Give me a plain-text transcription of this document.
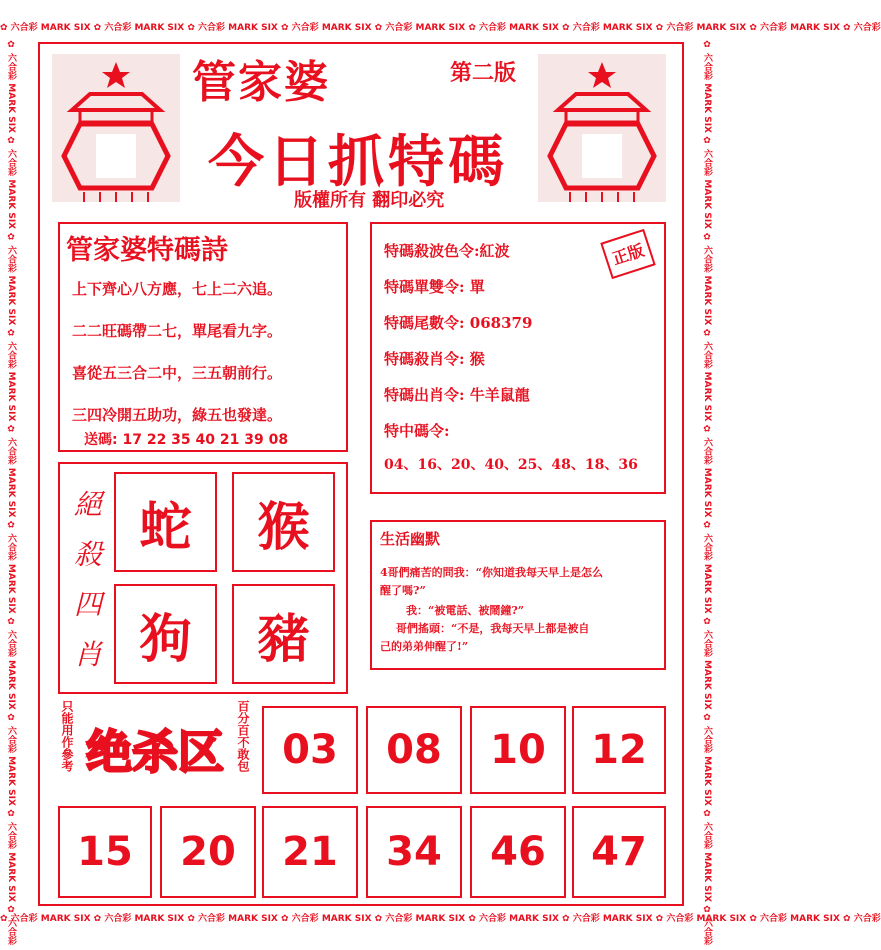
✿ 六合彩 MARK SIX ✿ 六合彩 MARK SIX ✿ 六合彩 MARK SIX ✿ 六合彩 MARK SIX ✿ 六合彩 MARK SIX ✿ 六合彩 MARK SIX ✿ 六合彩 MARK SIX ✿ 六合彩 MARK SIX ✿ 六合彩 MARK SIX ✿ 六合彩
✿ 六合彩 MARK SIX ✿ 六合彩 MARK SIX ✿ 六合彩 MARK SIX ✿ 六合彩 MARK SIX ✿ 六合彩 MARK SIX ✿ 六合彩 MARK SIX ✿ 六合彩 MARK SIX ✿ 六合彩 MARK SIX ✿ 六合彩 MARK SIX ✿ 六合彩
✿ 六合彩 MARK SIX ✿ 六合彩 MARK SIX ✿ 六合彩 MARK SIX ✿ 六合彩 MARK SIX ✿ 六合彩 MARK SIX ✿ 六合彩 MARK SIX ✿ 六合彩 MARK SIX ✿ 六合彩 MARK SIX ✿ 六合彩 MARK SIX ✿ 六合彩	✿ 六合彩 MARK SIX ✿ 六合彩 MARK SIX ✿ 六合彩 MARK SIX ✿ 六合彩 MARK SIX ✿ 六合彩 MARK SIX ✿ 六合彩 MARK SIX ✿ 六合彩 MARK SIX ✿ 六合彩 MARK SIX ✿ 六合彩 MARK SIX ✿ 六合彩
管家婆	第二版
今日抓特碼
版權所有 翻印必究
管家婆特碼詩
上下齊心八方應，七上二六追。
二二旺碼帶二七，單尾看九字。
喜從五三合二中，三五朝前行。
三四冷開五助功，綠五也發達。
送碼: 17 22 35 40 21 39 08
正版
特碼殺波色令:紅波
特碼單雙令: 單
特碼尾數令: 068379
特碼殺肖令: 猴
特碼出肖令: 牛羊鼠龍
特中碼令:
04、16、20、40、25、48、18、36
絕殺四肖
蛇	猴
狗	豬
生活幽默
4哥們痛苦的問我：“你知道我每天早上是怎么
醒了嗎?”
我：“被電話、被鬧鐘?”
哥們搖頭：“不是，我每天早上都是被自
己的弟弟伸醒了!”
只能用作參考 绝杀区 百分百不敢包 03	08	10	12
15	20	21	34	46	47
